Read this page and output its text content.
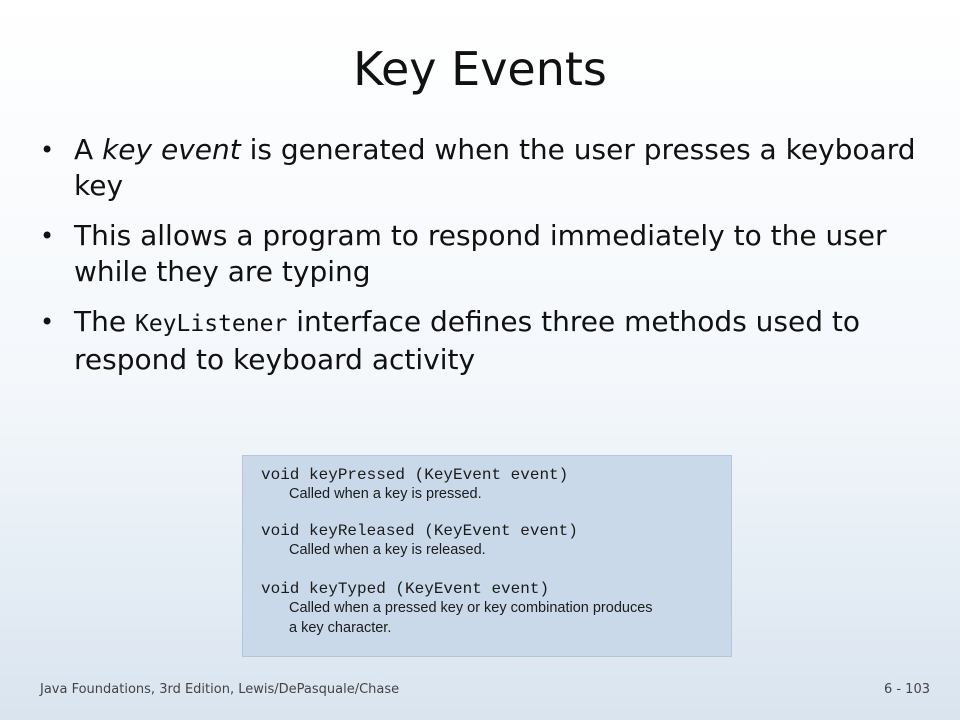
Key Events
• A key event is generated when the user presses a keyboard key
• This allows a program to respond immediately to the user while they are typing
• The KeyListener interface defines three methods used to respond to keyboard activity
void keyPressed (KeyEvent event)
Called when a key is pressed.
void keyReleased (KeyEvent event)
Called when a key is released.
void keyTyped (KeyEvent event)
Called when a pressed key or key combination produces
a key character.
Java Foundations, 3rd Edition, Lewis/DePasquale/Chase	6 - 103
